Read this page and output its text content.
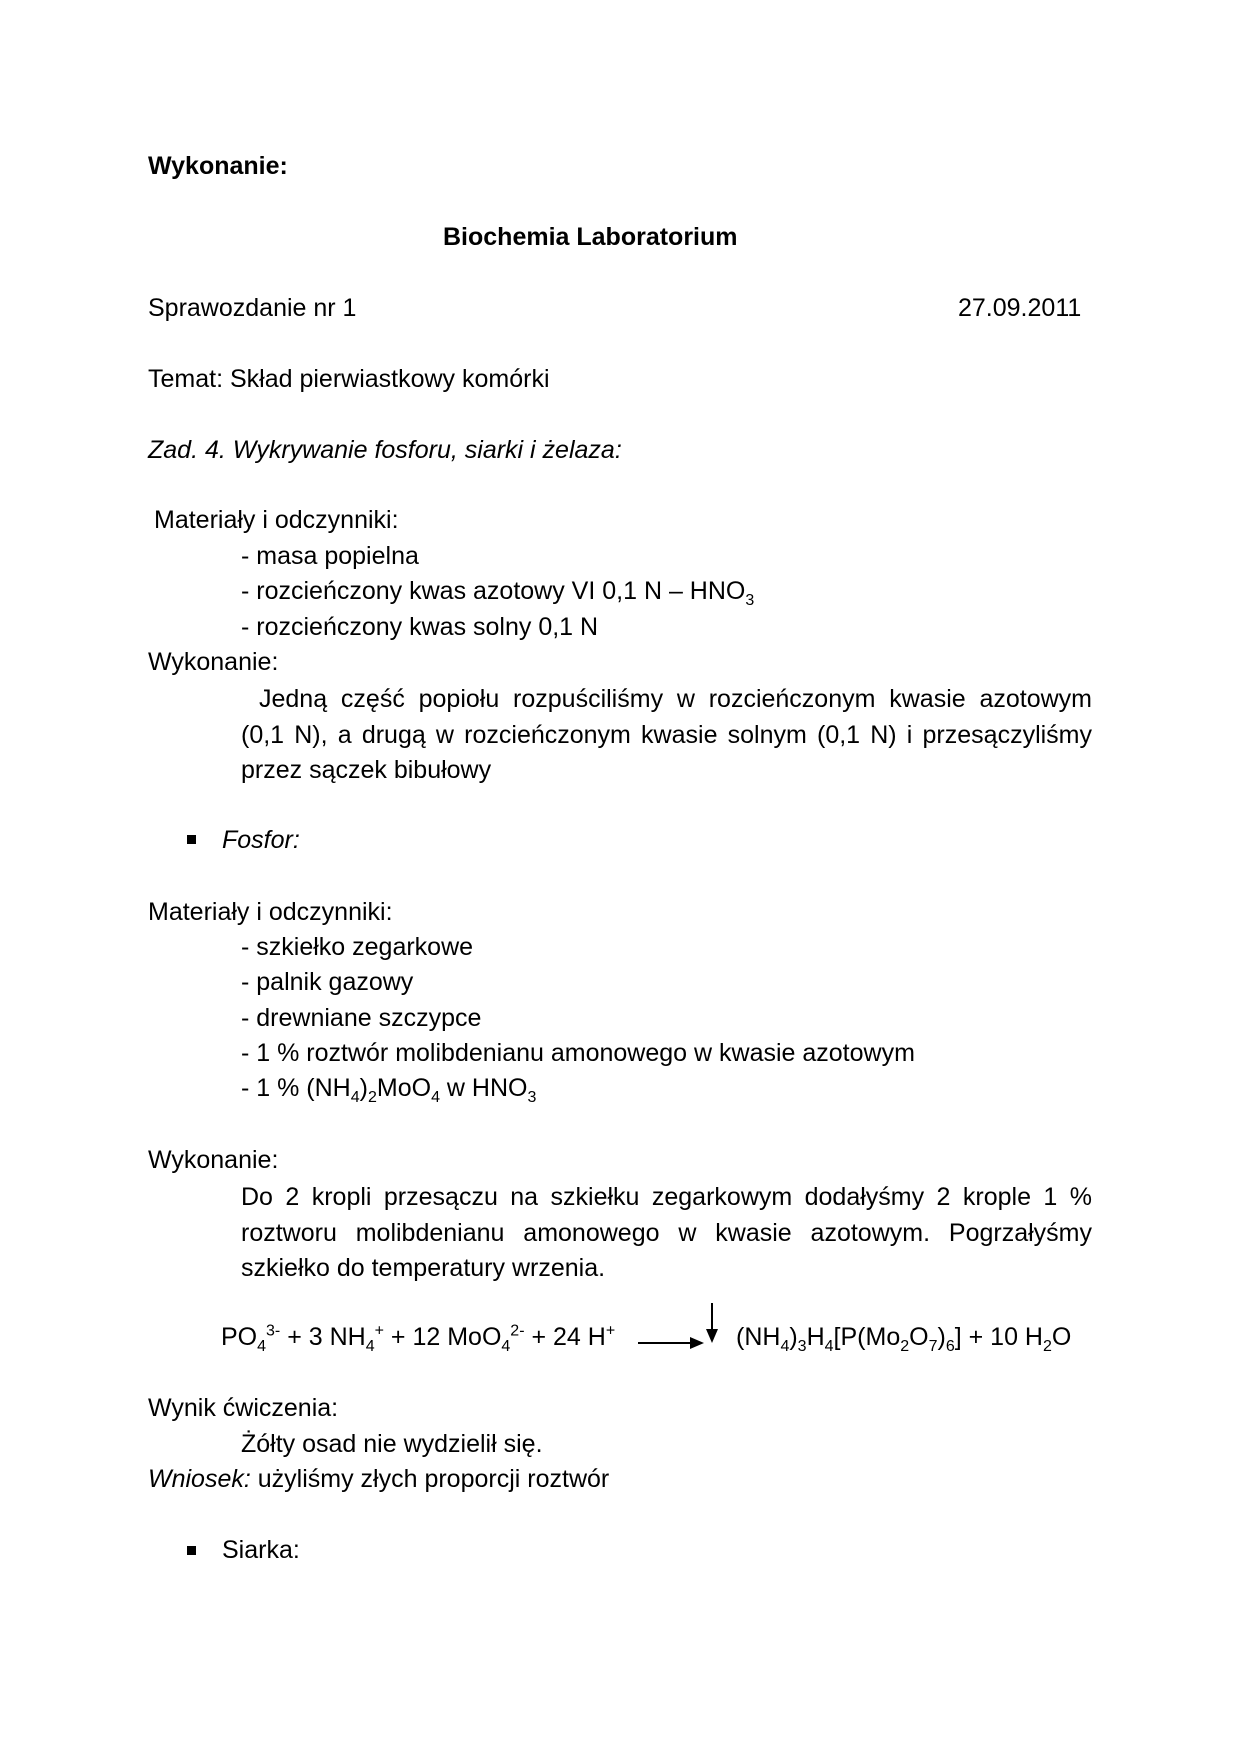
Wykonanie:
Biochemia Laboratorium
Sprawozdanie nr 1	27.09.2011
Temat: Skład pierwiastkowy komórki
Zad. 4. Wykrywanie fosforu, siarki i żelaza:
Materiały i odczynniki:
- masa popielna
- rozcieńczony kwas azotowy VI 0,1 N – $HNO_3$
- rozcieńczony kwas solny 0,1 N
Wykonanie:
Jedną część popiołu rozpuściliśmy w rozcieńczonym kwasie azotowym (0,1 N), a drugą w rozcieńczonym kwasie solnym (0,1 N) i przesączyliśmy przez sączek bibułowy
Fosfor:
Materiały i odczynniki:
- szkiełko zegarkowe
- palnik gazowy
- drewniane szczypce
- 1 % roztwór molibdenianu amonowego w kwasie azotowym
- 1 % $(NH_4)_2MoO_4$ w $HNO_3$
Wykonanie:
Do 2 kropli przesączu na szkiełku zegarkowym dodałyśmy 2 krople 1 % roztworu molibdenianu amonowego w kwasie azotowym. Pogrzałyśmy szkiełko do temperatury wrzenia.
$PO_4^{3-} + 3$ $NH_4^+ + 12$ MoO$_4^{2-}$ + 24 $H^+ \to (NH_4)_3H_4[P(Mo_2O_7)_6] + 10$ $H_2O$
Wynik ćwiczenia:
Żółty osad nie wydzielił się.
Wniosek: użyliśmy złych proporcji roztwór
Siarka:
